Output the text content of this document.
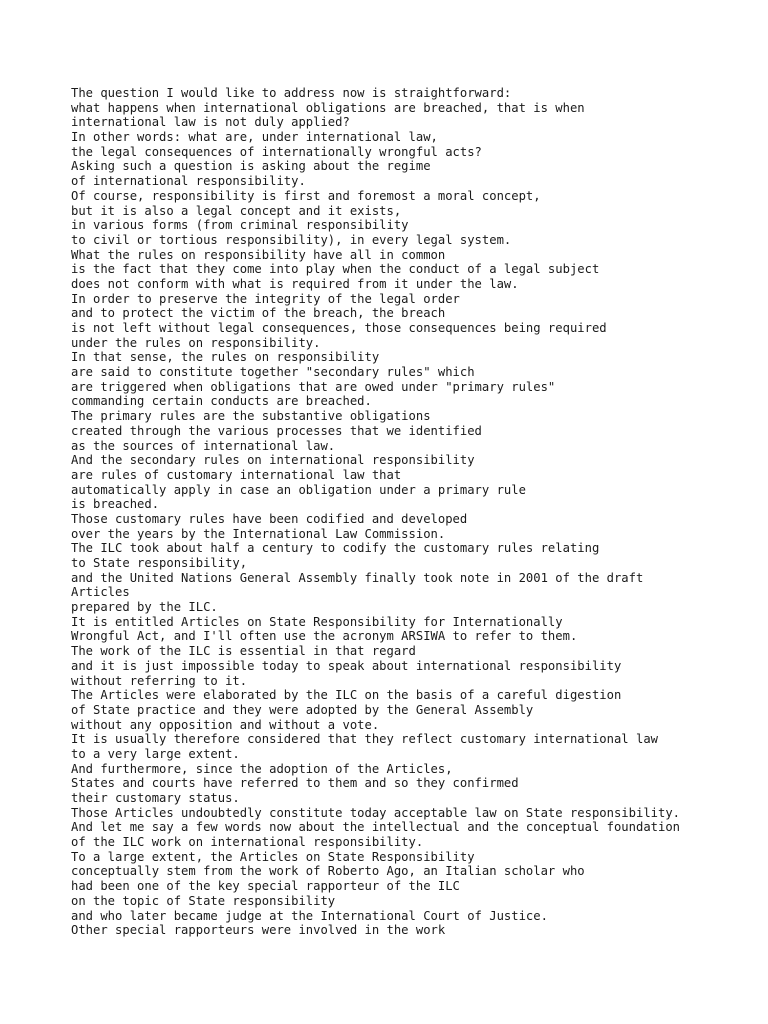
The question I would like to address now is straightforward:
what happens when international obligations are breached, that is when
international law is not duly applied?
In other words: what are, under international law,
the legal consequences of internationally wrongful acts?
Asking such a question is asking about the regime
of international responsibility.
Of course, responsibility is first and foremost a moral concept,
but it is also a legal concept and it exists,
in various forms (from criminal responsibility
to civil or tortious responsibility), in every legal system.
What the rules on responsibility have all in common
is the fact that they come into play when the conduct of a legal subject
does not conform with what is required from it under the law.
In order to preserve the integrity of the legal order
and to protect the victim of the breach, the breach
is not left without legal consequences, those consequences being required
under the rules on responsibility.
In that sense, the rules on responsibility
are said to constitute together "secondary rules" which
are triggered when obligations that are owed under "primary rules"
commanding certain conducts are breached.
The primary rules are the substantive obligations
created through the various processes that we identified
as the sources of international law.
And the secondary rules on international responsibility
are rules of customary international law that
automatically apply in case an obligation under a primary rule
is breached.
Those customary rules have been codified and developed
over the years by the International Law Commission.
The ILC took about half a century to codify the customary rules relating
to State responsibility,
and the United Nations General Assembly finally took note in 2001 of the draft
Articles
prepared by the ILC.
It is entitled Articles on State Responsibility for Internationally
Wrongful Act, and I'll often use the acronym ARSIWA to refer to them.
The work of the ILC is essential in that regard
and it is just impossible today to speak about international responsibility
without referring to it.
The Articles were elaborated by the ILC on the basis of a careful digestion
of State practice and they were adopted by the General Assembly
without any opposition and without a vote.
It is usually therefore considered that they reflect customary international law
to a very large extent.
And furthermore, since the adoption of the Articles,
States and courts have referred to them and so they confirmed
their customary status.
Those Articles undoubtedly constitute today acceptable law on State responsibility.
And let me say a few words now about the intellectual and the conceptual foundation
of the ILC work on international responsibility.
To a large extent, the Articles on State Responsibility
conceptually stem from the work of Roberto Ago, an Italian scholar who
had been one of the key special rapporteur of the ILC
on the topic of State responsibility
and who later became judge at the International Court of Justice.
Other special rapporteurs were involved in the work
